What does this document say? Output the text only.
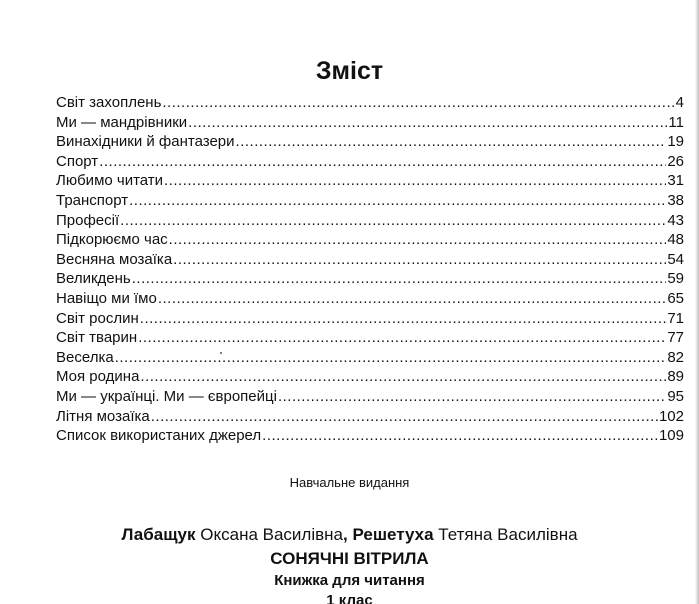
Зміст
Світ захоплень .....	4
Ми — мандрівники .....	11
Винахідники й фантазери .....	19
Спорт .....	26
Любимо читати .....	31
Транспорт .....	38
Професії .....	43
Підкорюємо час .....	48
Весняна мозаїка .....	54
Великдень .....	59
Навіщо ми їмо .....	65
Світ рослин .....	71
Світ тварин .....	77
Веселка .....	82
Моя родина .....	89
Ми — українці. Ми — європейці .....	95
Літня мозаїка .....	102
Список використаних джерел .....	109

Навчальне видання

Лабащук Оксана Василівна, Решетуха Тетяна Василівна

СОНЯЧНІ ВІТРИЛА

Книжка для читання

1 клас
